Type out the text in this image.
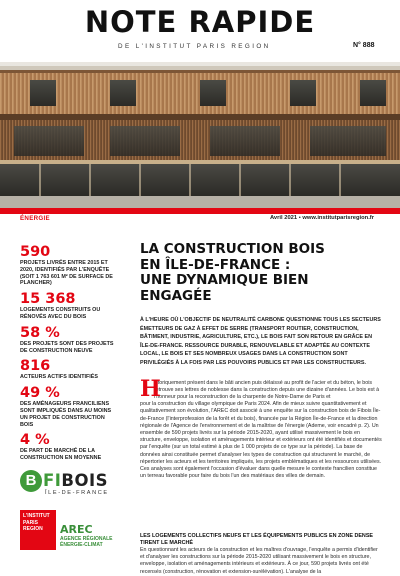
NOTE RAPIDE
DE L'INSTITUT PARIS REGION	N° 888
ÉNERGIE	Avril 2021 • www.institutparisregion.fr
590
PROJETS LIVRÉS ENTRE 2015 ET 2020, IDENTIFIÉS PAR L'ENQUÊTE (SOIT 1 763 601 M² DE SURFACE DE PLANCHER)
15 368
LOGEMENTS CONSTRUITS OU RÉNOVÉS AVEC DU BOIS
58 %
DES PROJETS SONT DES PROJETS DE CONSTRUCTION NEUVE
816
ACTEURS ACTIFS IDENTIFIÉS
49 %
DES AMÉNAGEURS FRANCILIENS SONT IMPLIQUÉS DANS AU MOINS UN PROJET DE CONSTRUCTION BOIS
4 %
DE PART DE MARCHÉ DE LA CONSTRUCTION EN MOYENNE
B FIBOIS
ÎLE-DE-FRANCE
L'INSTITUT
PARIS
REGION	AREC
AGENCE RÉGIONALE
ÉNERGIE-CLIMAT
LA CONSTRUCTION BOIS
EN ÎLE-DE-FRANCE :
UNE DYNAMIQUE BIEN ENGAGÉE
À L'HEURE OÙ L'OBJECTIF DE NEUTRALITÉ CARBONE QUESTIONNE TOUS LES SECTEURS ÉMETTEURS DE GAZ À EFFET DE SERRE (TRANSPORT ROUTIER, CONSTRUCTION, BÂTIMENT, INDUSTRIE, AGRICULTURE, ETC.), LE BOIS FAIT SON RETOUR EN GRÂCE EN ÎLE-DE-FRANCE. RESSOURCE DURABLE, RENOUVELABLE ET ADAPTÉE AU CONTEXTE LOCAL, LE BOIS ET SES NOMBREUX USAGES DANS LA CONSTRUCTION SONT PRIVILÉGIÉS À LA FOIS PAR LES POUVOIRS PUBLICS ET PAR LES CONSTRUCTEURS.
H
istoriquement présent dans le bâti ancien puis délaissé au profit de l'acier et du béton, le bois retrouve ses lettres de noblesse dans la construction depuis une dizaine d'années. Le bois est à l'honneur pour la reconstruction de la charpente de Notre-Dame de Paris et
pour la construction du village olympique de Paris 2024. Afin de mieux suivre quantitativement et qualitativement son évolution, l'AREC doit associé à une enquête sur la construction bois de Fibois Île-de-France (l'interprofession de la forêt et du bois), financée par la Région Île-de-France et la direction régionale de l'Agence de l'environnement et de la maîtrise de l'énergie (Ademe, voir encadré p. 2). Un ensemble de 590 projets livrés sur la période 2015-2020, ayant utilisé massivement le bois en structure, enveloppe, isolation et aménagements intérieur et extérieurs ont été identifiés et documentés par l'enquête (sur un total estimé à plus de 1 000 projets de ce type sur la période). La base de données ainsi constituée permet d'analyser les types de construction qui structurent le marché, de répertorier les acteurs et les territoires impliqués, les projets emblématiques et les ressources utilisées. Ces analyses sont également l'occasion d'évaluer dans quelle mesure le contexte francilien constitue un terreau favorable pour faire du bois l'un des matériaux des villes de demain.
LES LOGEMENTS COLLECTIFS NEUFS ET LES ÉQUIPEMENTS PUBLICS EN ZONE DENSE TIRENT LE MARCHÉ
En questionnant les acteurs de la construction et les maîtres d'ouvrage, l'enquête a permis d'identifier et d'analyser les constructions sur la période 2015-2020 utilisant massivement le bois en structure, enveloppe, isolation et aménagements intérieurs et extérieurs. À ce jour, 590 projets livrés ont été recensés (construction, rénovation et extension-surélévation). L'analyse de la
